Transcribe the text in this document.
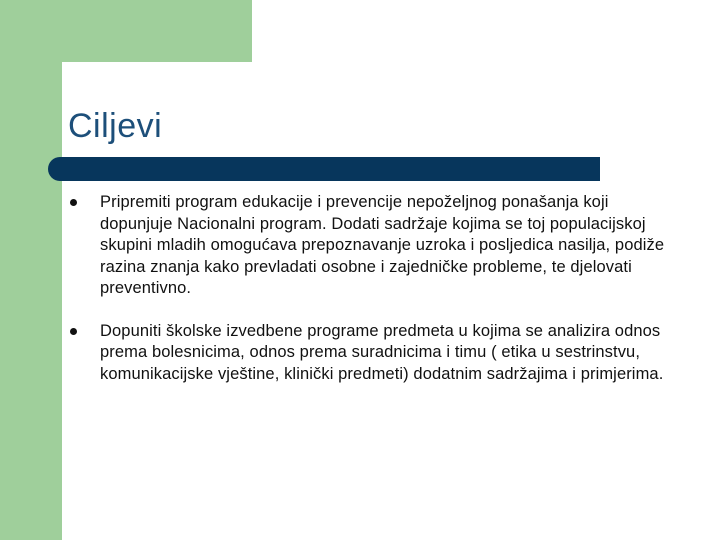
Ciljevi
Pripremiti program edukacije i prevencije nepoželjnog ponašanja koji dopunjuje Nacionalni program. Dodati sadržaje kojima se toj populacijskoj skupini mladih omogućava prepoznavanje uzroka i posljedica nasilja, podiže razina znanja kako prevladati osobne i zajedničke probleme, te djelovati preventivno.
Dopuniti školske izvedbene programe predmeta u kojima se analizira odnos prema bolesnicima, odnos prema suradnicima i timu ( etika u sestrinstvu, komunikacijske vještine, klinički predmeti) dodatnim sadržajima i primjerima.
